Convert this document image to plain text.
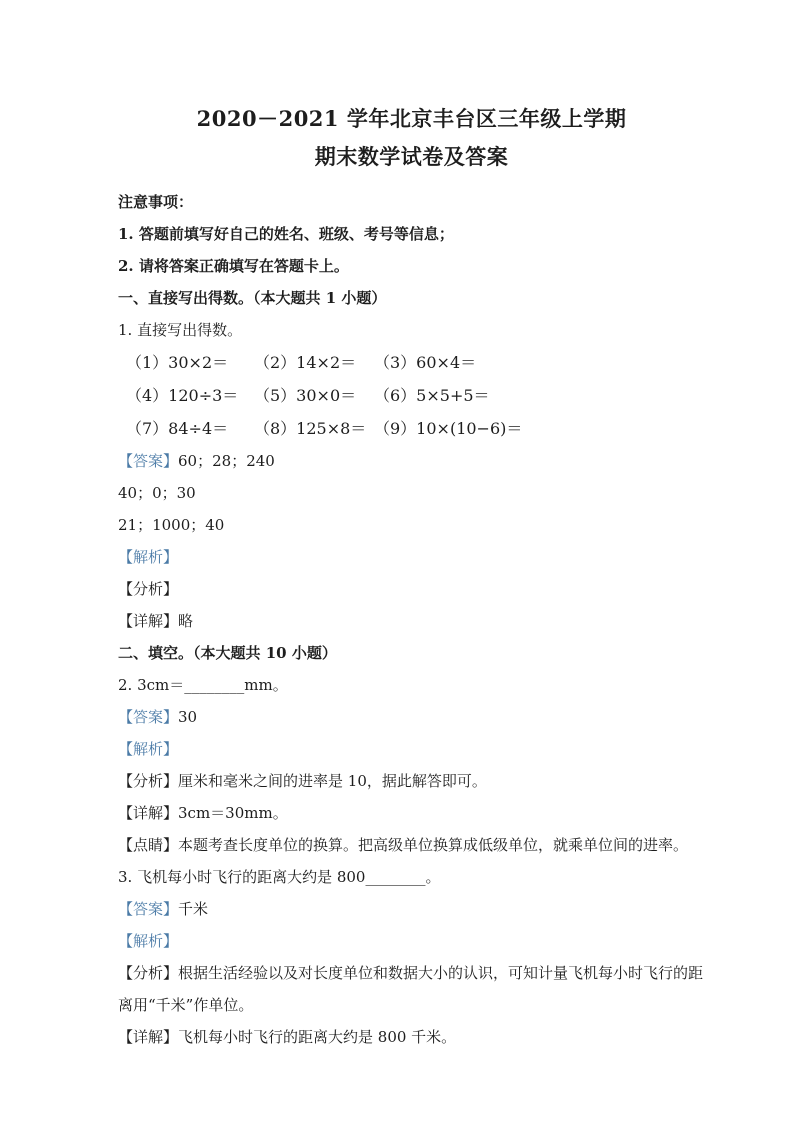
2020－2021 学年北京丰台区三年级上学期
期末数学试卷及答案

注意事项：

1. 答题前填写好自己的姓名、班级、考号等信息；

2. 请将答案正确填写在答题卡上。

一、直接写出得数。（本大题共 1 小题）

1. 直接写出得数。

（1）30×2＝	（2）14×2＝	（3）60×4＝
（4）120÷3＝ （5）30×0＝	（6）5×5+5＝
（7）84÷4＝	（8）125×8＝ （9）10×(10−6)＝

【答案】60；28；240

40；0；30

21；1000；40

【解析】

【分析】

【详解】略

二、填空。（本大题共 10 小题）

2. 3cm＝________mm。

【答案】30

【解析】

【分析】厘米和毫米之间的进率是 10，据此解答即可。

【详解】3cm＝30mm。

【点睛】本题考查长度单位的换算。把高级单位换算成低级单位，就乘单位间的进率。

3. 飞机每小时飞行的距离大约是 800________。

【答案】千米

【解析】

【分析】根据生活经验以及对长度单位和数据大小的认识，可知计量飞机每小时飞行的距离用“千米”作单位。

【详解】飞机每小时飞行的距离大约是 800 千米。
